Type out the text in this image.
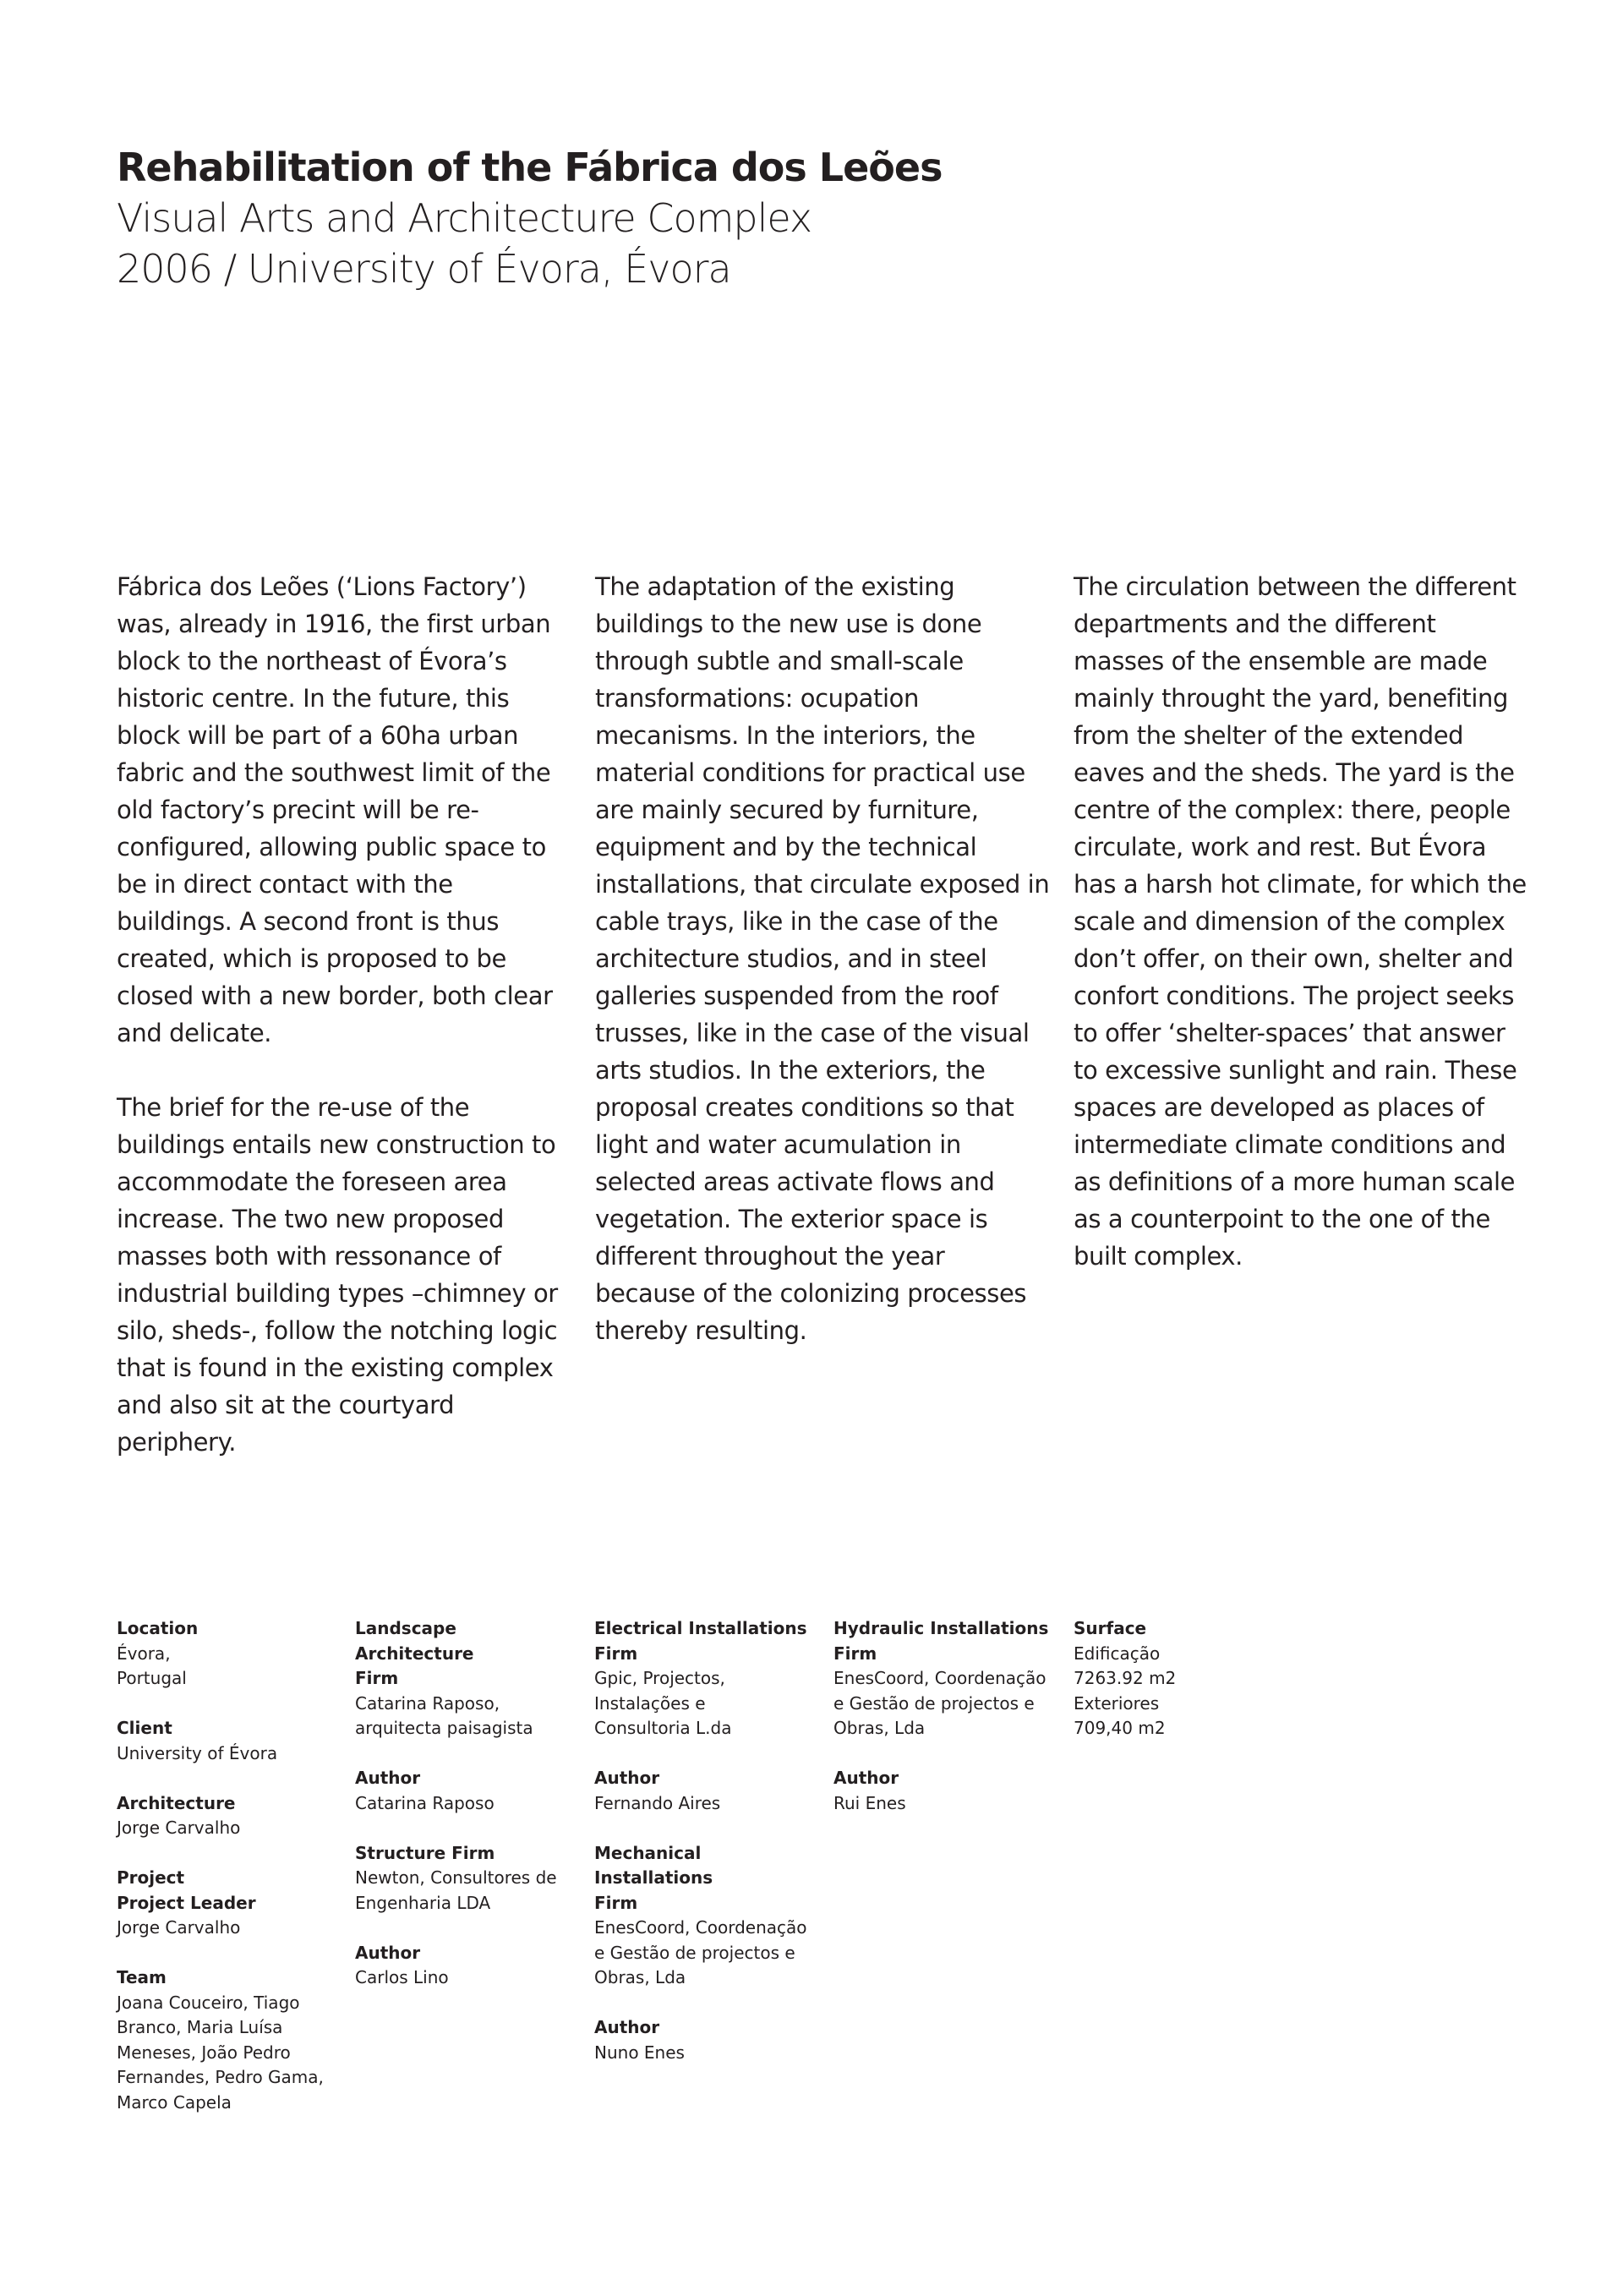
Rehabilitation of the Fábrica dos Leões

Visual Arts and Architecture Complex

2006 / University of Évora, Évora

Fábrica dos Leões (‘Lions Factory’) was, already in 1916, the first urban block to the northeast of Évora’s historic centre. In the future, this block will be part of a 60ha urban fabric and the southwest limit of the old factory’s precint will be re-configured, allowing public space to be in direct contact with the buildings. A second front is thus created, which is proposed to be closed with a new border, both clear and delicate.

The brief for the re-use of the buildings entails new construction to accommodate the foreseen area increase. The two new proposed masses both with ressonance of industrial building types –chimney or silo, sheds-, follow the notching logic that is found in the existing complex and also sit at the courtyard periphery.

The adaptation of the existing buildings to the new use is done through subtle and small-scale transformations: ocupation mecanisms. In the interiors, the material conditions for practical use are mainly secured by furniture, equipment and by the technical installations, that circulate exposed in cable trays, like in the case of the architecture studios, and in steel galleries suspended from the roof trusses, like in the case of the visual arts studios. In the exteriors, the proposal creates conditions so that light and water acumulation in selected areas activate flows and vegetation. The exterior space is different throughout the year because of the colonizing processes thereby resulting.

The circulation between the different departments and the different masses of the ensemble are made mainly throught the yard, benefiting from the shelter of the extended eaves and the sheds. The yard is the centre of the complex: there, people circulate, work and rest. But Évora has a harsh hot climate, for which the scale and dimension of the complex don’t offer, on their own, shelter and confort conditions. The project seeks to offer ‘shelter-spaces’ that answer to excessive sunlight and rain. These spaces are developed as places of intermediate climate conditions and as definitions of a more human scale as a counterpoint to the one of the built complex.

Location
Évora,
Portugal
Client
University of Évora
Architecture
Jorge Carvalho
Project
Project Leader
Jorge Carvalho
Team
Joana Couceiro, Tiago
Branco, Maria Luísa
Meneses, João Pedro
Fernandes, Pedro Gama,
Marco Capela
Landscape
Architecture
Firm
Catarina Raposo,
arquitecta paisagista
Author
Catarina Raposo
Structure Firm
Newton, Consultores de
Engenharia LDA
Author
Carlos Lino
Electrical Installations
Firm
Gpic, Projectos,
Instalações e
Consultoria L.da
Author
Fernando Aires
Mechanical
Installations
Firm
EnesCoord, Coordenação
e Gestão de projectos e
Obras, Lda
Author
Nuno Enes
Hydraulic Installations
Firm
EnesCoord, Coordenação
e Gestão de projectos e
Obras, Lda
Author
Rui Enes
Surface
Edificação
7263.92 m2
Exteriores
709,40 m2
